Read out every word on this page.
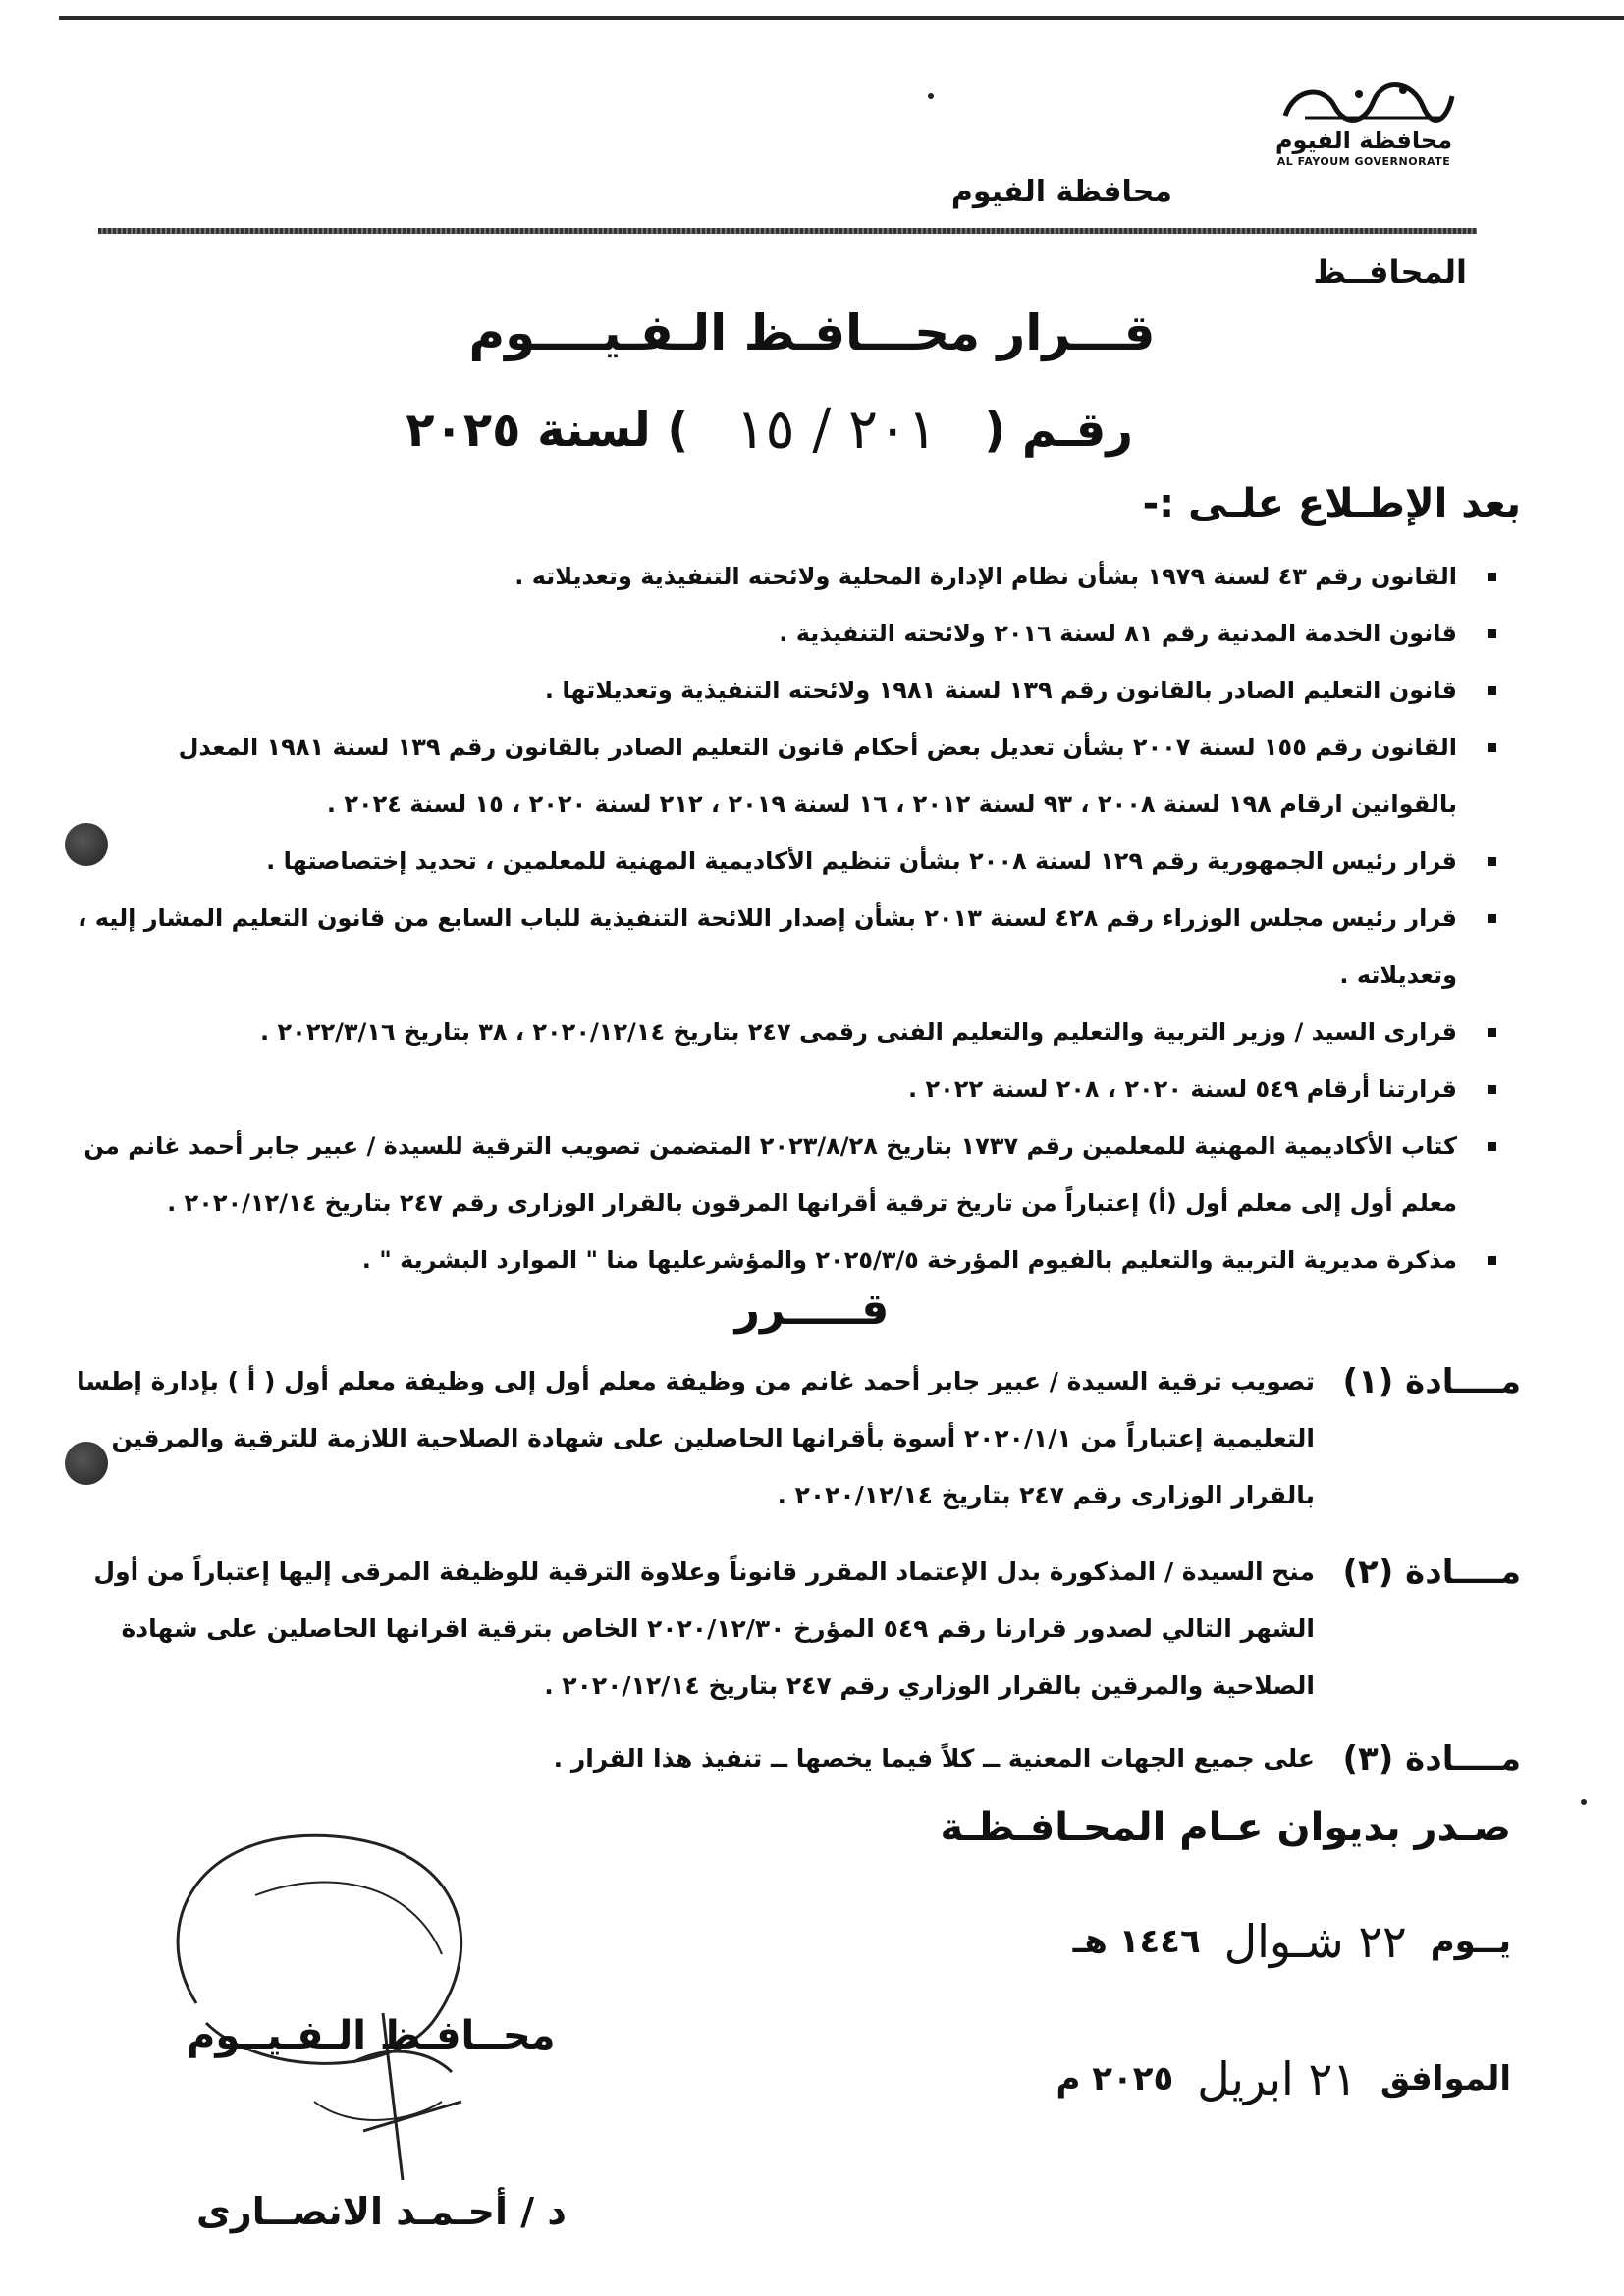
محافظة الفيوم
AL FAYOUM GOVERNORATE
محافظة الفيوم
المحافــظ
قـــرار محـــافـظ الـفـيــــوم
رقـم (
٢٠١ / ١٥
) لسنة ٢٠٢٥
بعد الإطـلاع علـى :-
القانون رقم ٤٣ لسنة ١٩٧٩ بشأن نظام الإدارة المحلية ولائحته التنفيذية وتعديلاته .
قانون الخدمة المدنية رقم ٨١ لسنة ٢٠١٦ ولائحته التنفيذية .
قانون التعليم الصادر بالقانون رقم ١٣٩ لسنة ١٩٨١ ولائحته التنفيذية وتعديلاتها .
القانون رقم ١٥٥ لسنة ٢٠٠٧ بشأن تعديل بعض أحكام قانون التعليم الصادر بالقانون رقم ١٣٩ لسنة ١٩٨١ المعدل بالقوانين ارقام ١٩٨ لسنة ٢٠٠٨ ، ٩٣ لسنة ٢٠١٢ ، ١٦ لسنة ٢٠١٩ ، ٢١٢ لسنة ٢٠٢٠ ، ١٥ لسنة ٢٠٢٤ .
قرار رئيس الجمهورية رقم ١٢٩ لسنة ٢٠٠٨ بشأن تنظيم الأكاديمية المهنية للمعلمين ، تحديد إختصاصتها .
قرار رئيس مجلس الوزراء رقم ٤٢٨ لسنة ٢٠١٣ بشأن إصدار اللائحة التنفيذية للباب السابع من قانون التعليم المشار إليه ، وتعديلاته .
قرارى السيد / وزير التربية والتعليم والتعليم الفنى رقمى ٢٤٧ بتاريخ ٢٠٢٠/١٢/١٤ ، ٣٨ بتاريخ ٢٠٢٢/٣/١٦ .
قرارتنا أرقام ٥٤٩ لسنة ٢٠٢٠ ، ٢٠٨ لسنة ٢٠٢٢ .
كتاب الأكاديمية المهنية للمعلمين رقم ١٧٣٧ بتاريخ ٢٠٢٣/٨/٢٨ المتضمن تصويب الترقية للسيدة / عبير جابر أحمد غانم من معلم أول إلى معلم أول (أ) إعتباراً من تاريخ ترقية أقرانها المرقون بالقرار الوزارى رقم ٢٤٧ بتاريخ ٢٠٢٠/١٢/١٤ .
مذكرة مديرية التربية والتعليم بالفيوم المؤرخة ٢٠٢٥/٣/٥ والمؤشرعليها منا " الموارد البشرية " .
قـــــرر
مــــادة (١)
تصويب ترقية السيدة / عبير جابر أحمد غانم من وظيفة معلم أول إلى وظيفة معلم أول ( أ ) بإدارة إطسا التعليمية إعتباراً من ٢٠٢٠/١/١ أسوة بأقرانها الحاصلين على شهادة الصلاحية اللازمة للترقية والمرقين بالقرار الوزارى رقم ٢٤٧ بتاريخ ٢٠٢٠/١٢/١٤ .
مــــادة (٢)
منح السيدة / المذكورة بدل الإعتماد المقرر قانوناً وعلاوة الترقية للوظيفة المرقى إليها إعتباراً من أول الشهر التالي لصدور قرارنا رقم ٥٤٩ المؤرخ ٢٠٢٠/١٢/٣٠ الخاص بترقية اقرانها الحاصلين على شهادة الصلاحية والمرقين بالقرار الوزاري رقم ٢٤٧ بتاريخ ٢٠٢٠/١٢/١٤ .
مــــادة (٣)
على جميع الجهات المعنية ــ كلاً فيما يخصها ــ تنفيذ هذا القرار .
صـدر بديوان عـام المحـافـظـة
يــوم
٢٢ شـوال
١٤٤٦ هـ
الموافق
٢١ ابريل
٢٠٢٥ م
محــافـظ الـفـيــوم
د / أحـمـد الانصــارى
